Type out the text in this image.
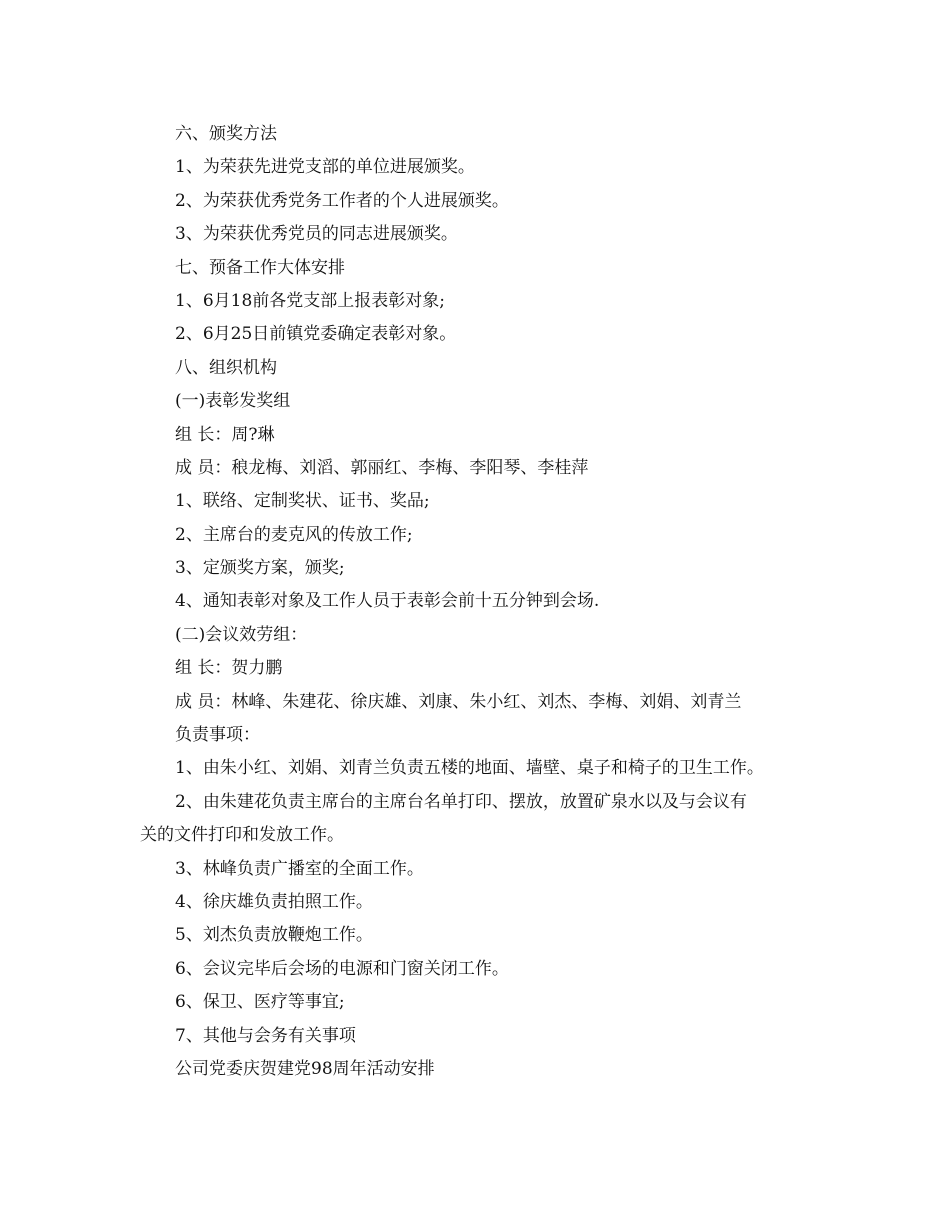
六、颁奖方法
1、为荣获先进党支部的单位进展颁奖。
2、为荣获优秀党务工作者的个人进展颁奖。
3、为荣获优秀党员的同志进展颁奖。
七、预备工作大体安排
1、6月18前各党支部上报表彰对象;
2、6月25日前镇党委确定表彰对象。
八、组织机构
(一)表彰发奖组
组 长：周?琳
成 员：稂龙梅、刘滔、郭丽红、李梅、李阳琴、李桂萍
1、联络、定制奖状、证书、奖品;
2、主席台的麦克风的传放工作;
3、定颁奖方案，颁奖;
4、通知表彰对象及工作人员于表彰会前十五分钟到会场.
(二)会议效劳组：
组 长：贺力鹏
成 员：林峰、朱建花、徐庆雄、刘康、朱小红、刘杰、李梅、刘娟、刘青兰
负责事项：
1、由朱小红、刘娟、刘青兰负责五楼的地面、墙壁、桌子和椅子的卫生工作。
2、由朱建花负责主席台的主席台名单打印、摆放，放置矿泉水以及与会议有
关的文件打印和发放工作。
3、林峰负责广播室的全面工作。
4、徐庆雄负责拍照工作。
5、刘杰负责放鞭炮工作。
6、会议完毕后会场的电源和门窗关闭工作。
6、保卫、医疗等事宜;
7、其他与会务有关事项
公司党委庆贺建党98周年活动安排
